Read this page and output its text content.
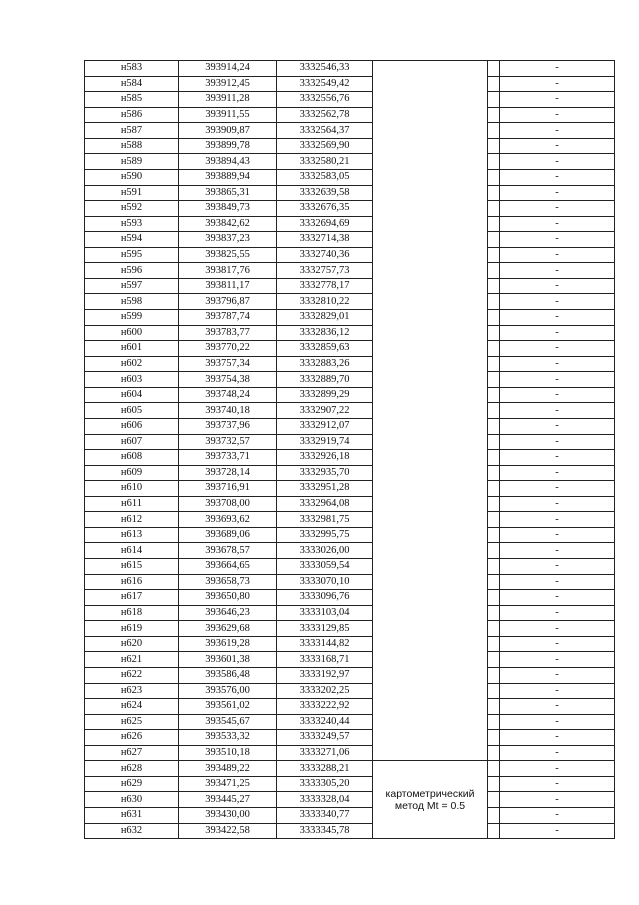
н583	393914,24	3332546,33			-
н584	393912,45	3332549,42			-
н585	393911,28	3332556,76			-
н586	393911,55	3332562,78			-
н587	393909,87	3332564,37			-
н588	393899,78	3332569,90			-
н589	393894,43	3332580,21			-
н590	393889,94	3332583,05			-
н591	393865,31	3332639,58			-
н592	393849,73	3332676,35			-
н593	393842,62	3332694,69			-
н594	393837,23	3332714,38			-
н595	393825,55	3332740,36			-
н596	393817,76	3332757,73			-
н597	393811,17	3332778,17			-
н598	393796,87	3332810,22			-
н599	393787,74	3332829,01			-
н600	393783,77	3332836,12			-
н601	393770,22	3332859,63			-
н602	393757,34	3332883,26			-
н603	393754,38	3332889,70			-
н604	393748,24	3332899,29			-
н605	393740,18	3332907,22			-
н606	393737,96	3332912,07			-
н607	393732,57	3332919,74			-
н608	393733,71	3332926,18			-
н609	393728,14	3332935,70			-
н610	393716,91	3332951,28			-
н611	393708,00	3332964,08			-
н612	393693,62	3332981,75			-
н613	393689,06	3332995,75			-
н614	393678,57	3333026,00			-
н615	393664,65	3333059,54			-
н616	393658,73	3333070,10			-
н617	393650,80	3333096,76			-
н618	393646,23	3333103,04			-
н619	393629,68	3333129,85			-
н620	393619,28	3333144,82			-
н621	393601,38	3333168,71			-
н622	393586,48	3333192,97			-
н623	393576,00	3333202,25			-
н624	393561,02	3333222,92			-
н625	393545,67	3333240,44			-
н626	393533,32	3333249,57			-
н627	393510,18	3333271,06			-
н628	393489,22	3333288,21	картометрический
метод Mt = 0.5		-
н629	393471,25	3333305,20			-
н630	393445,27	3333328,04			-
н631	393430,00	3333340,77			-
н632	393422,58	3333345,78			-
